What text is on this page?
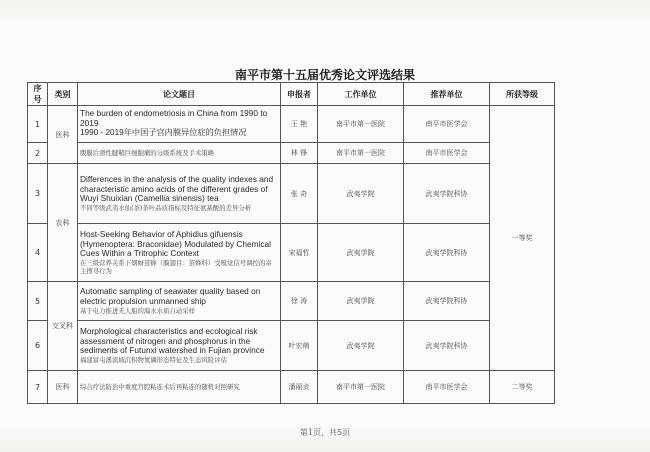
南平市第十五届优秀论文评选结果
序号	类别	论文题目	申报者	工作单位	推荐单位	所获等级
1	医科	The burden of endometriosis in China from 1990 to 2019
1990 - 2019年中国子宫内膜异位症的负担情况	王 艳	南平市第一医院	南平市医学会	一等奖
2		腹膜后滑性腱鞘巨细胞瘤的分级系统及手术策略	林 锋	南平市第一医院	南平市医学会	
3	农科	Differences in the analysis of the quality indexes and characteristic amino acids of the different grades of Wuyi Shuixian (Camellia sinensis) tea
不同等级武夷水仙(茶)茶叶品质指标及特征氨基酸的差异分析	张 奇	武夷学院	武夷学院科协	
4		Host-Seeking Behavior of Aphidius gifuensis (Hymenoptera: Braconidae) Modulated by Chemical Cues Within a Tritrophic Context
在三级营养关系下烟蚜茧蜂（膜翅目：茧蜂科）受嗅觉信号调控的寄主搜寻行为	宋福哲	武夷学院	武夷学院科协	
5	交叉科	Automatic sampling of seawater quality based on electric propulsion unmanned ship
基于电力推进无人船的海水水质自动采样	徐 涛	武夷学院	武夷学院科协	
6		Morphological characteristics and ecological risk assessment of nitrogen and phosphorus in the sediments of Futunxi watershed in Fujian province
福建富屯溪流域沉积物氮磷形态特征及生态风险评估	叶宏萌	武夷学院	武夷学院科协	
7	医科	综合疗法防治中重度宫腔粘连术后再粘连的随机对照研究	潘丽贞	南平市第一医院	南平市医学会	二等奖
第1页，共5页
